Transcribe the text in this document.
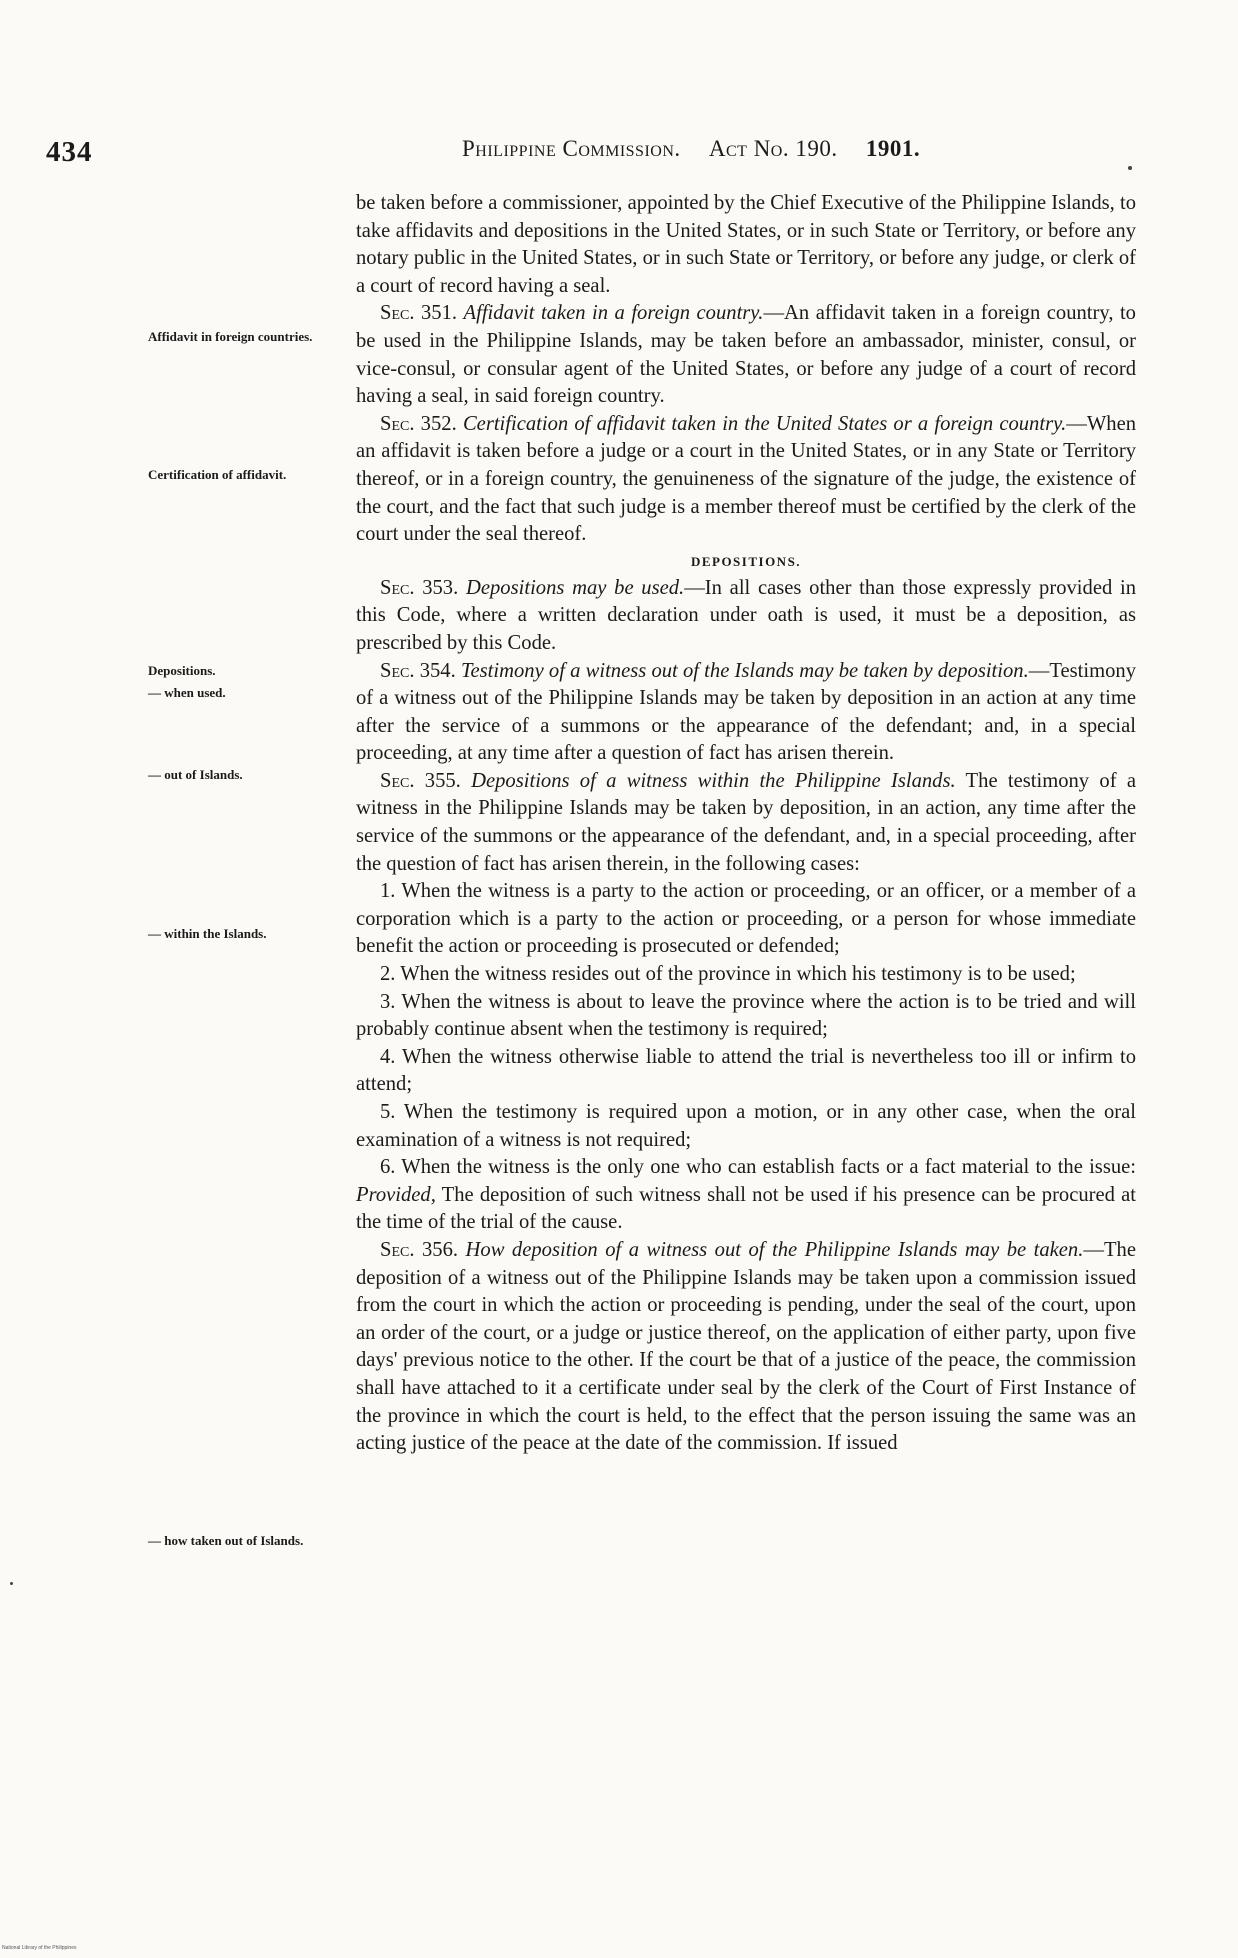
434	Philippine Commission. Act No. 190. 1901.
Affidavit in foreign countries.
Certification of affidavit.
Depositions.
— when used.
— out of Islands.
— within the Islands.
— how taken out of Islands.

be taken before a commissioner, appointed by the Chief Executive of the Philippine Islands, to take affidavits and depositions in the United States, or in such State or Territory, or before any notary public in the United States, or in such State or Territory, or before any judge, or clerk of a court of record having a seal.

Sec. 351. Affidavit taken in a foreign country.—An affidavit taken in a foreign country, to be used in the Philippine Islands, may be taken before an ambassador, minister, consul, or vice-consul, or consular agent of the United States, or before any judge of a court of record having a seal, in said foreign country.

Sec. 352. Certification of affidavit taken in the United States or a foreign country.—When an affidavit is taken before a judge or a court in the United States, or in any State or Territory thereof, or in a foreign country, the genuineness of the signature of the judge, the existence of the court, and the fact that such judge is a member thereof must be certified by the clerk of the court under the seal thereof.

DEPOSITIONS.

Sec. 353. Depositions may be used.—In all cases other than those expressly provided in this Code, where a written declaration under oath is used, it must be a deposition, as prescribed by this Code.

Sec. 354. Testimony of a witness out of the Islands may be taken by deposition.—Testimony of a witness out of the Philippine Islands may be taken by deposition in an action at any time after the service of a summons or the appearance of the defendant; and, in a special proceeding, at any time after a question of fact has arisen therein.

Sec. 355. Depositions of a witness within the Philippine Islands. The testimony of a witness in the Philippine Islands may be taken by deposition, in an action, any time after the service of the summons or the appearance of the defendant, and, in a special proceeding, after the question of fact has arisen therein, in the following cases:

1. When the witness is a party to the action or proceeding, or an officer, or a member of a corporation which is a party to the action or proceeding, or a person for whose immediate benefit the action or proceeding is prosecuted or defended;

2. When the witness resides out of the province in which his testimony is to be used;

3. When the witness is about to leave the province where the action is to be tried and will probably continue absent when the testimony is required;

4. When the witness otherwise liable to attend the trial is nevertheless too ill or infirm to attend;

5. When the testimony is required upon a motion, or in any other case, when the oral examination of a witness is not required;

6. When the witness is the only one who can establish facts or a fact material to the issue: Provided, The deposition of such witness shall not be used if his presence can be procured at the time of the trial of the cause.

Sec. 356. How deposition of a witness out of the Philippine Islands may be taken.—The deposition of a witness out of the Philippine Islands may be taken upon a commission issued from the court in which the action or proceeding is pending, under the seal of the court, upon an order of the court, or a judge or justice thereof, on the application of either party, upon five days' previous notice to the other. If the court be that of a justice of the peace, the commission shall have attached to it a certificate under seal by the clerk of the Court of First Instance of the province in which the court is held, to the effect that the person issuing the same was an acting justice of the peace at the date of the commission. If issued

National Library of the Philippines
